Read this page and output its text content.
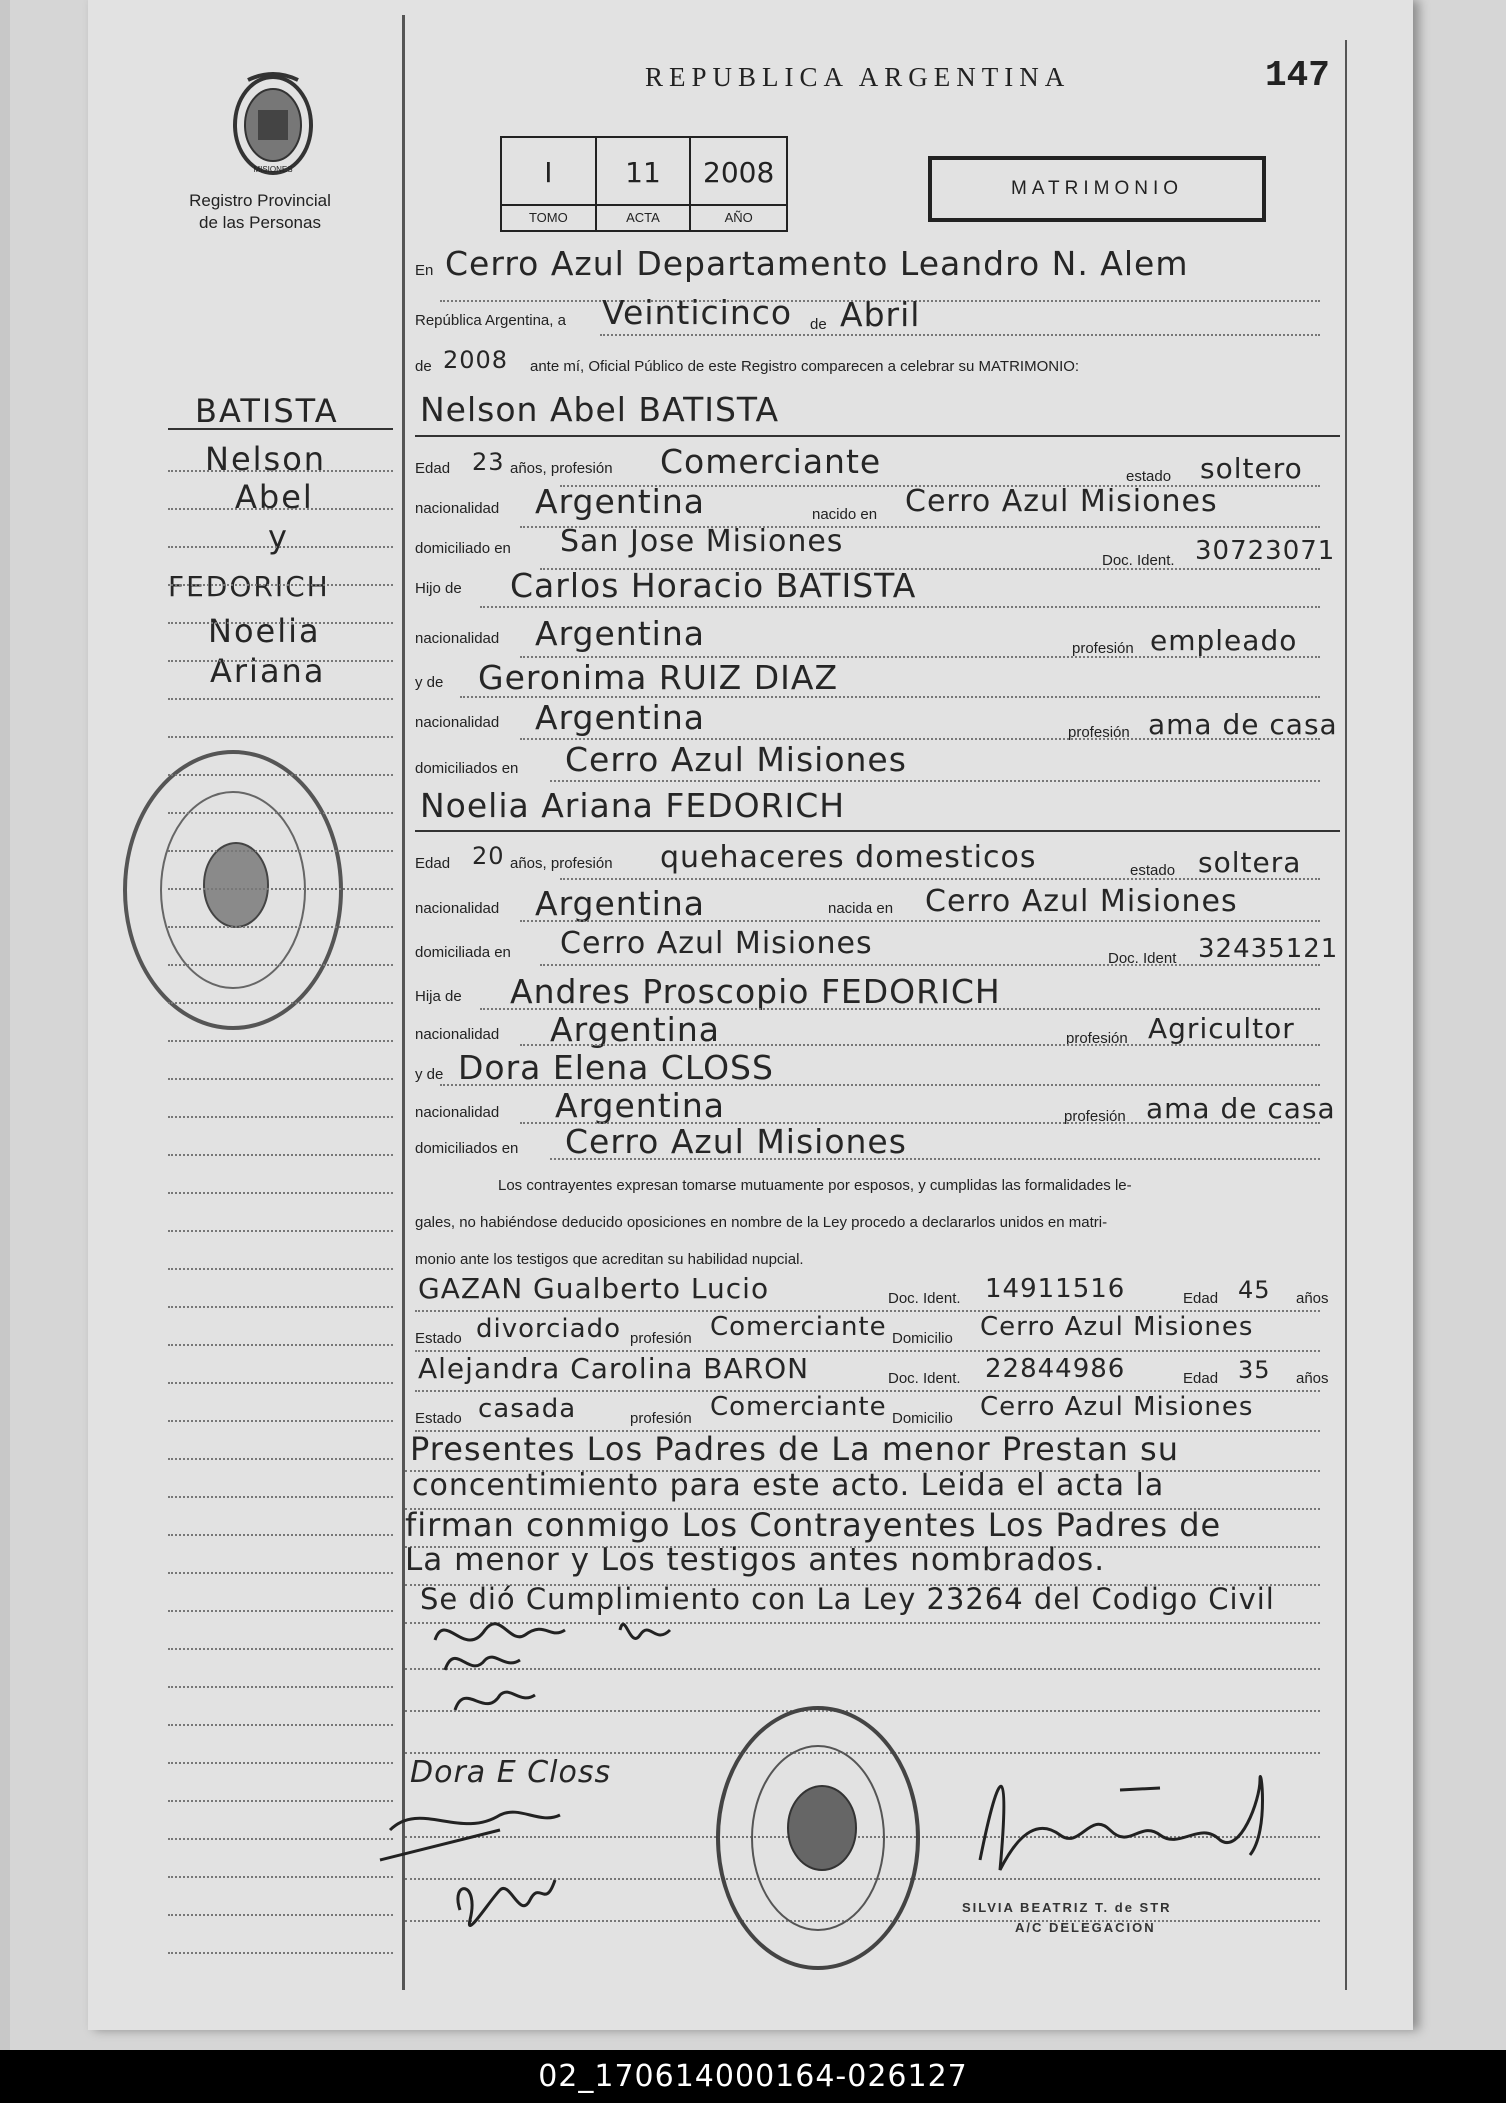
MISIONES
Registro Provincial
de las Personas
REPUBLICA ARGENTINA	147
I
TOMO
11
ACTA
2008
AÑO
MATRIMONIO
BATISTA
Nelson
Abel
y
FEDORICH
Noelia
Ariana
En Cerro Azul Departamento Leandro N. Alem
República Argentina, a Veinticinco de Abril
de 2008 ante mí, Oficial Público de este Registro comparecen a celebrar su MATRIMONIO:
Nelson Abel BATISTA
Edad 23 años, profesión Comerciante	estado soltero
nacionalidad Argentina	nacido en Cerro Azul Misiones
domiciliado en San Jose Misiones
Doc. Ident. 30723071
Hijo de Carlos Horacio BATISTA
nacionalidad Argentina	profesión empleado
y de Geronima RUIZ DIAZ
nacionalidad Argentina	profesión ama de casa
domiciliados en Cerro Azul Misiones
Noelia Ariana FEDORICH
Edad 20 años, profesión quehaceres domesticos	estado soltera
nacionalidad Argentina	nacida en Cerro Azul Misiones
domiciliada en Cerro Azul Misiones	Doc. Ident 32435121
Hija de Andres Proscopio FEDORICH
nacionalidad Argentina	profesión Agricultor
y de Dora Elena CLOSS
nacionalidad Argentina	profesión ama de casa
domiciliados en Cerro Azul Misiones
Los contrayentes expresan tomarse mutuamente por esposos, y cumplidas las formalidades le-
gales, no habiéndose deducido oposiciones en nombre de la Ley procedo a declararlos unidos en matri-
monio ante los testigos que acreditan su habilidad nupcial.
GAZAN Gualberto Lucio	Doc. Ident. 14911516	Edad 45 años
Estado divorciado profesión Comerciante Domicilio Cerro Azul Misiones
Alejandra Carolina BARON	Doc. Ident. 22844986	Edad 35 años
Estado casada	profesión Comerciante Domicilio Cerro Azul Misiones
Presentes Los Padres de La menor Prestan su
concentimiento para este acto. Leida el acta la
firman conmigo Los Contrayentes Los Padres de
La menor y Los testigos antes nombrados.
Se dió Cumplimiento con La Ley 23264 del Codigo Civil
Dora E Closs
SILVIA BEATRIZ T. de STR
A/C DELEGACION
02_170614000164-026127
